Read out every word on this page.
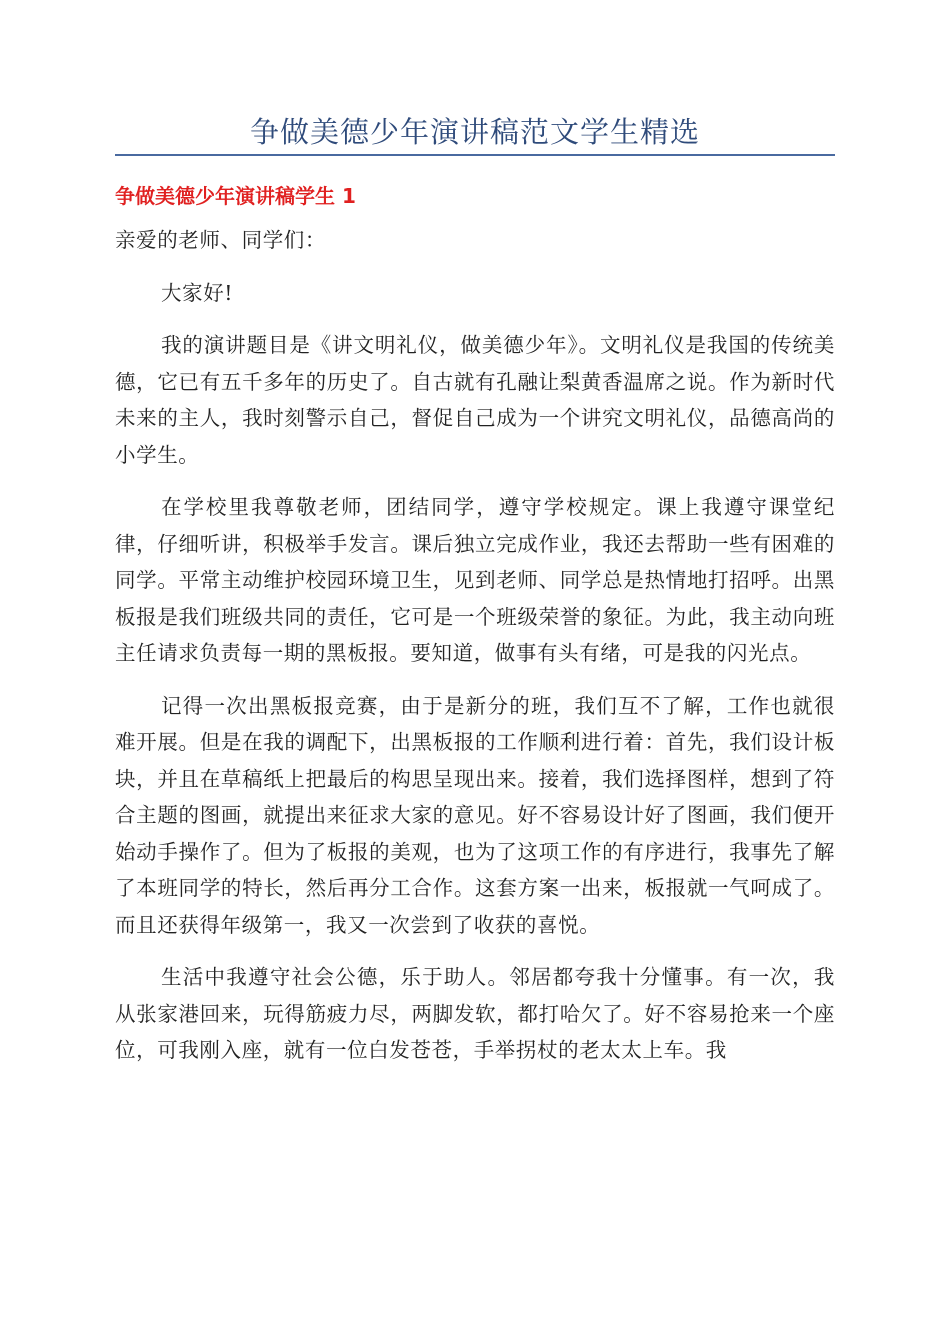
争做美德少年演讲稿范文学生精选
争做美德少年演讲稿学生 1

亲爱的老师、同学们：

大家好!

我的演讲题目是《讲文明礼仪，做美德少年》。文明礼仪是我国的传统美德，它已有五千多年的历史了。自古就有孔融让梨黄香温席之说。作为新时代未来的主人，我时刻警示自己，督促自己成为一个讲究文明礼仪，品德高尚的小学生。

在学校里我尊敬老师，团结同学，遵守学校规定。课上我遵守课堂纪律，仔细听讲，积极举手发言。课后独立完成作业，我还去帮助一些有困难的同学。平常主动维护校园环境卫生，见到老师、同学总是热情地打招呼。出黑板报是我们班级共同的责任，它可是一个班级荣誉的象征。为此，我主动向班主任请求负责每一期的黑板报。要知道，做事有头有绪，可是我的闪光点。

记得一次出黑板报竞赛，由于是新分的班，我们互不了解，工作也就很难开展。但是在我的调配下，出黑板报的工作顺利进行着：首先，我们设计板块，并且在草稿纸上把最后的构思呈现出来。接着，我们选择图样，想到了符合主题的图画，就提出来征求大家的意见。好不容易设计好了图画，我们便开始动手操作了。但为了板报的美观，也为了这项工作的有序进行，我事先了解了本班同学的特长，然后再分工合作。这套方案一出来，板报就一气呵成了。而且还获得年级第一，我又一次尝到了收获的喜悦。

生活中我遵守社会公德，乐于助人。邻居都夸我十分懂事。有一次，我从张家港回来，玩得筋疲力尽，两脚发软，都打哈欠了。好不容易抢来一个座位，可我刚入座，就有一位白发苍苍，手举拐杖的老太太上车。我
